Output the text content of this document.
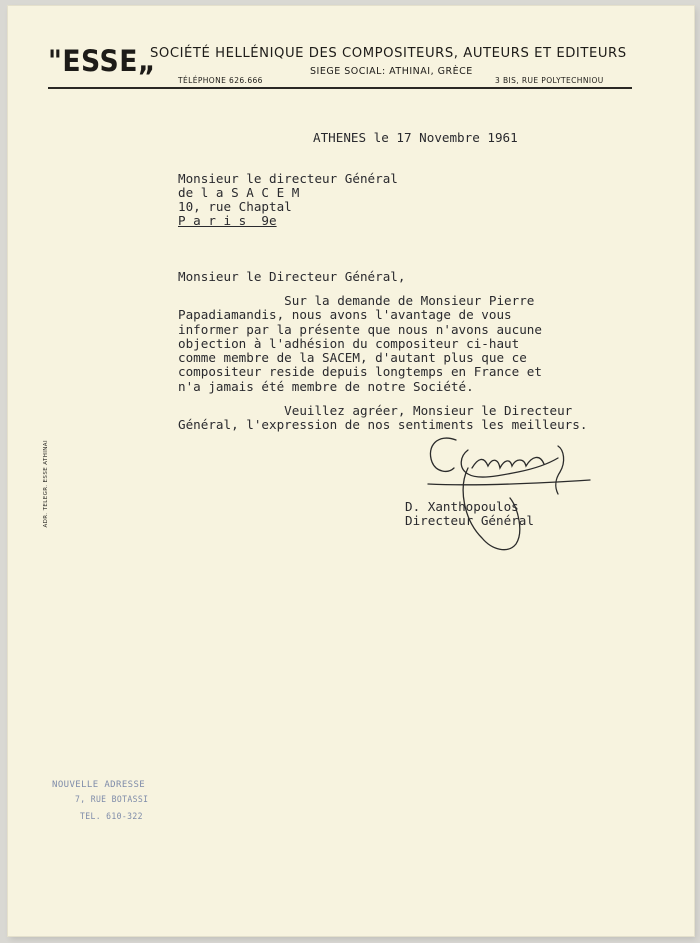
"ESSE„
SOCIÉTÉ HELLÉNIQUE DES COMPOSITEURS, AUTEURS ET EDITEURS
SIEGE SOCIAL: ATHINAI, GRÈCE
TÉLÉPHONE 626.666	3 BIS, RUE POLYTECHNIOU
ADR. TELEGR. ESSE ATHINAI
ATHENES le 17 Novembre 1961
Monsieur le directeur Général
de l a S A C E M
10, rue Chaptal
P a r i s  9e
Monsieur le Directeur Général,
Sur la demande de Monsieur Pierre
Papadiamandis, nous avons l'avantage de vous
informer par la présente que nous n'avons aucune
objection à l'adhésion du compositeur ci-haut
comme membre de la SACEM, d'autant plus que ce
compositeur reside depuis longtemps en France et
n'a jamais été membre de notre Société.
Veuillez agréer, Monsieur le Directeur
Général, l'expression de nos sentiments les meilleurs.
D. Xanthopoulos
Directeur Général
NOUVELLE ADRESSE
7, RUE BOTASSI
TEL. 610-322
